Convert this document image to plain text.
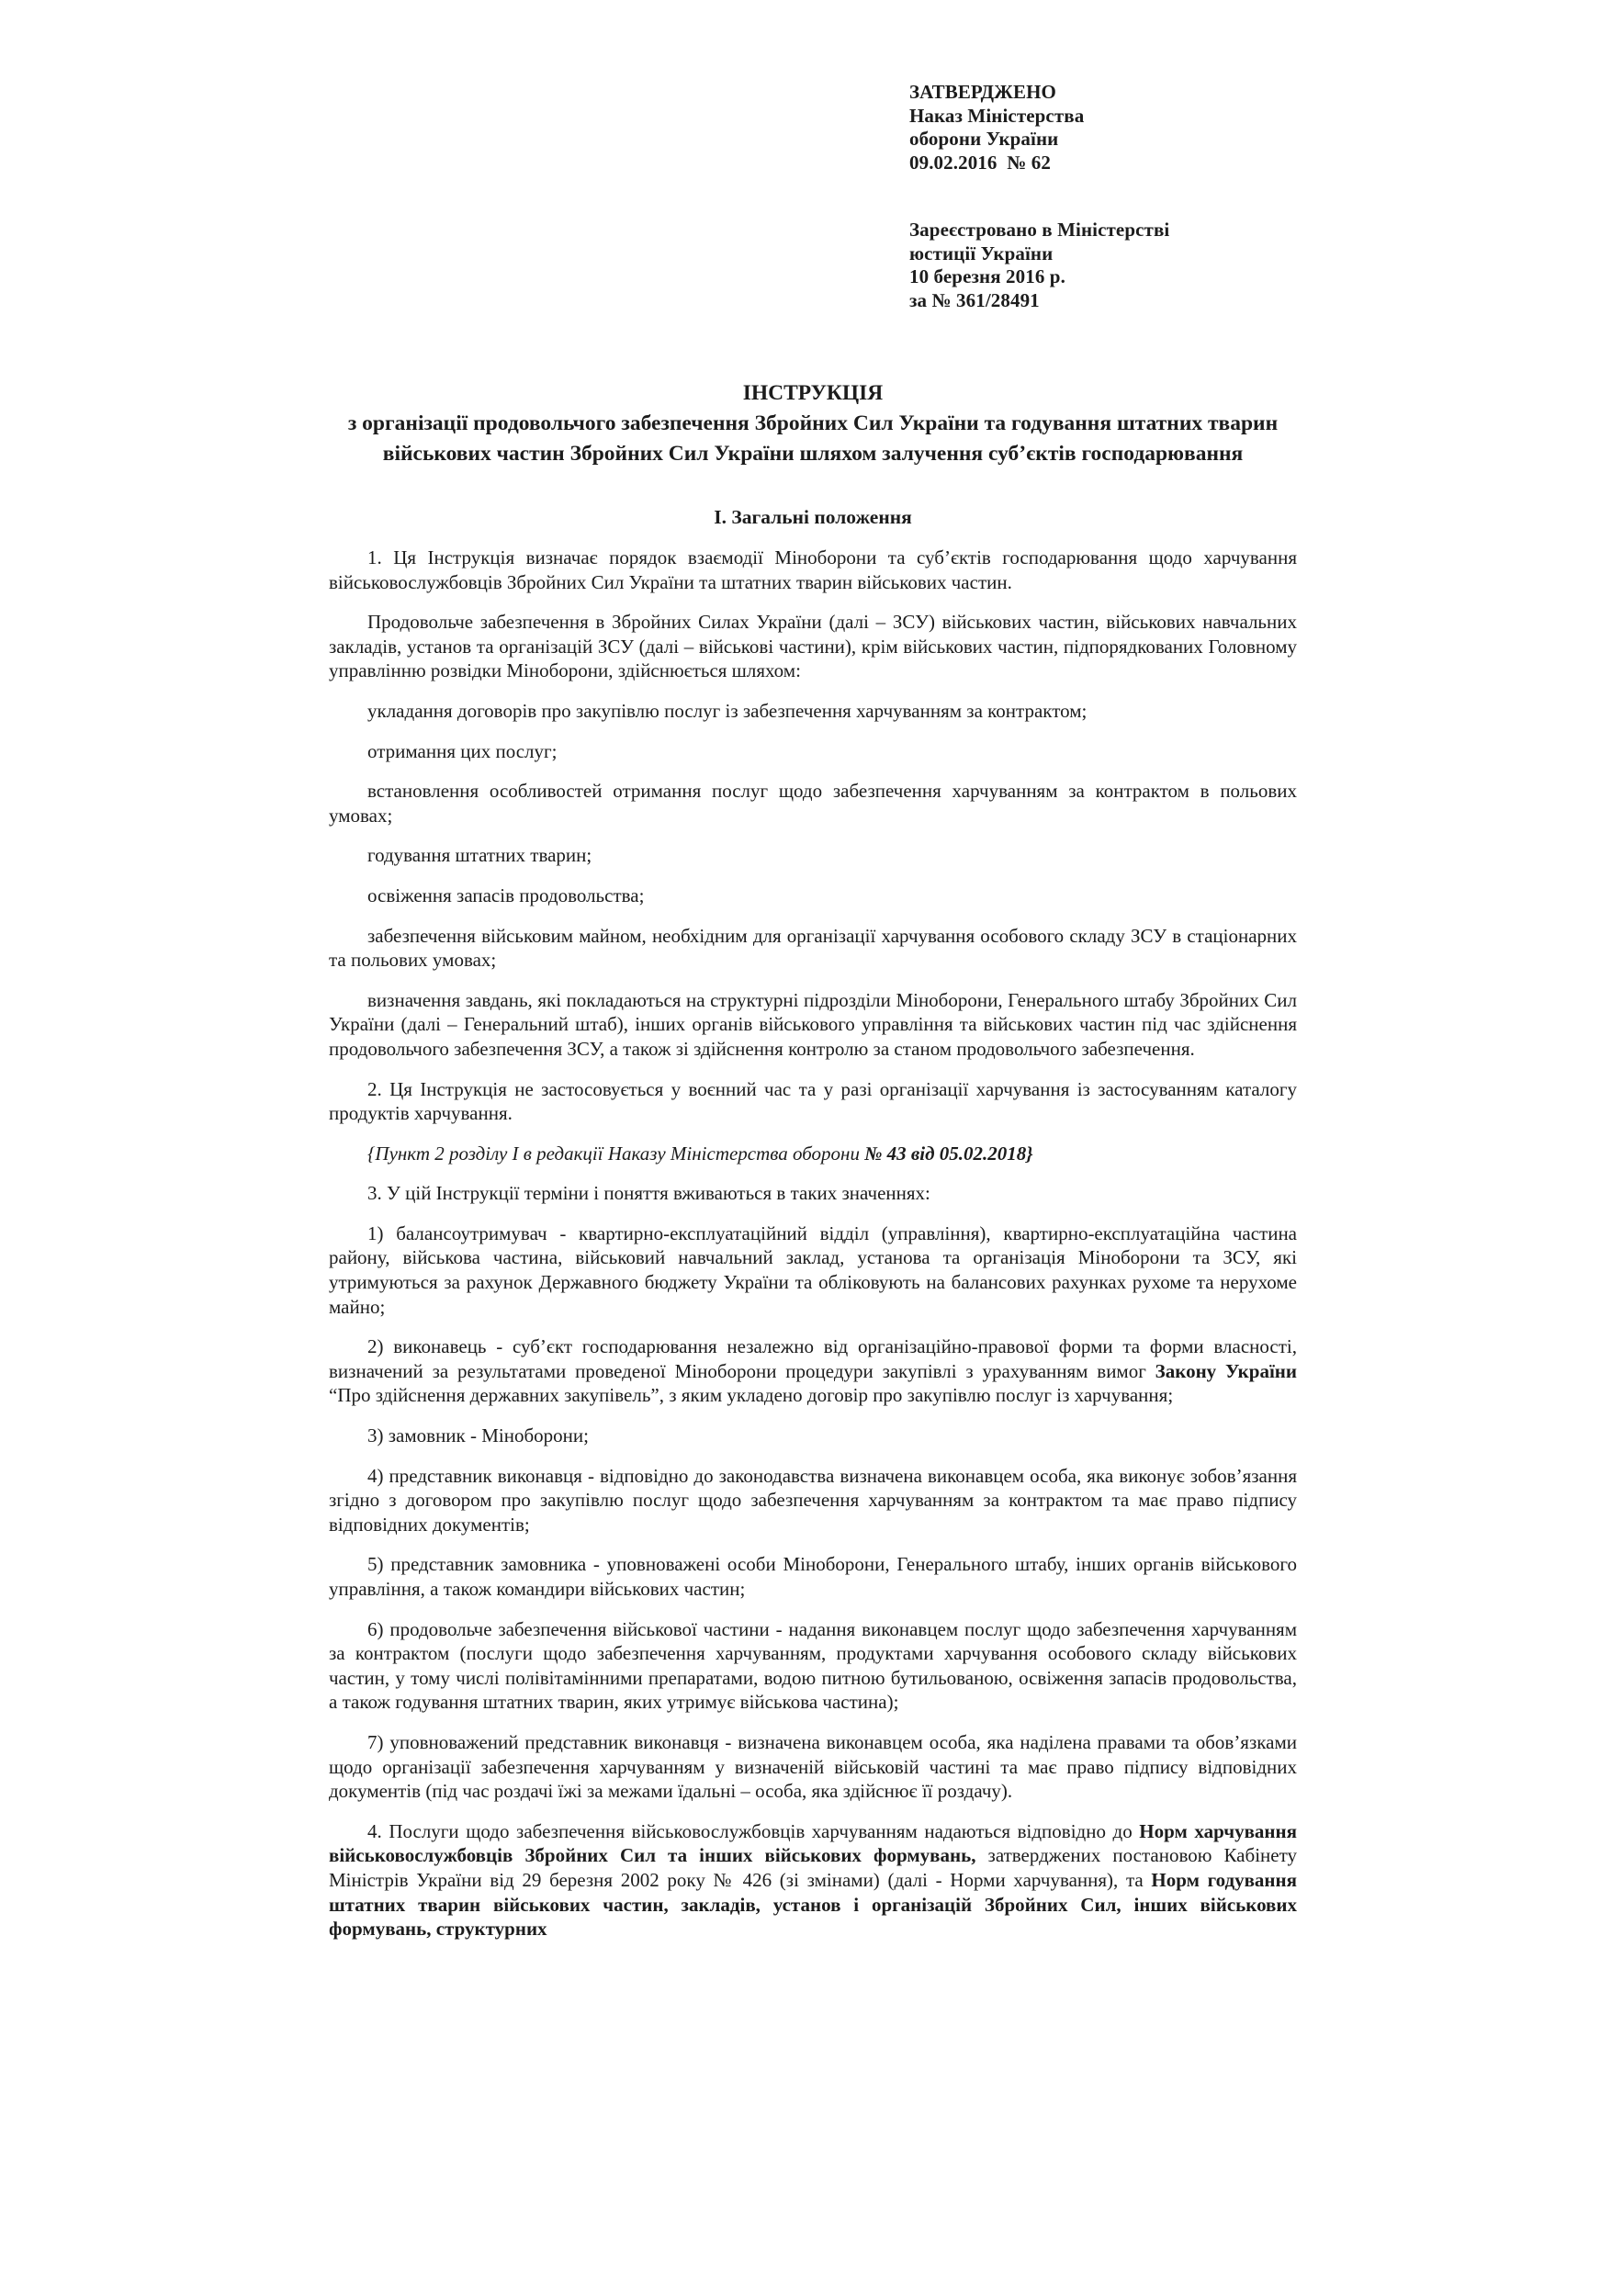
ЗАТВЕРДЖЕНО
Наказ Міністерства
оборони України
09.02.2016  № 62
Зареєстровано в Міністерстві
юстиції України
10 березня 2016 р.
за № 361/28491
ІНСТРУКЦІЯ
з організації продовольчого забезпечення Збройних Сил України та годування штатних тварин військових частин Збройних Сил України шляхом залучення суб’єктів господарювання
I. Загальні положення

1. Ця Інструкція визначає порядок взаємодії Міноборони та суб’єктів господарювання щодо харчування військовослужбовців Збройних Сил України та штатних тварин військових частин.

Продовольче забезпечення в Збройних Силах України (далі – ЗСУ) військових частин, військових навчальних закладів, установ та організацій ЗСУ (далі – військові частини), крім військових частин, підпорядкованих Головному управлінню розвідки Міноборони, здійснюється шляхом:

укладання договорів про закупівлю послуг із забезпечення харчуванням за контрактом;

отримання цих послуг;

встановлення особливостей отримання послуг щодо забезпечення харчуванням за контрактом в польових умовах;

годування штатних тварин;

освіження запасів продовольства;

забезпечення військовим майном, необхідним для організації харчування особового складу ЗСУ в стаціонарних та польових умовах;

визначення завдань, які покладаються на структурні підрозділи Міноборони, Генерального штабу Збройних Сил України (далі – Генеральний штаб), інших органів військового управління та військових частин під час здійснення продовольчого забезпечення ЗСУ, а також зі здійснення контролю за станом продовольчого забезпечення.

2. Ця Інструкція не застосовується у воєнний час та у разі організації харчування із застосуванням каталогу продуктів харчування.

{Пункт 2 розділу I в редакції Наказу Міністерства оборони № 43 від 05.02.2018}

3. У цій Інструкції терміни і поняття вживаються в таких значеннях:

1) балансоутримувач - квартирно-експлуатаційний відділ (управління), квартирно-експлуатаційна частина району, військова частина, військовий навчальний заклад, установа та організація Міноборони та ЗСУ, які утримуються за рахунок Державного бюджету України та обліковують на балансових рахунках рухоме та нерухоме майно;

2) виконавець - суб’єкт господарювання незалежно від організаційно-правової форми та форми власності, визначений за результатами проведеної Міноборони процедури закупівлі з урахуванням вимог Закону України “Про здійснення державних закупівель”, з яким укладено договір про закупівлю послуг із харчування;

3) замовник - Міноборони;

4) представник виконавця - відповідно до законодавства визначена виконавцем особа, яка виконує зобов’язання згідно з договором про закупівлю послуг щодо забезпечення харчуванням за контрактом та має право підпису відповідних документів;

5) представник замовника - уповноважені особи Міноборони, Генерального штабу, інших органів військового управління, а також командири військових частин;

6) продовольче забезпечення військової частини - надання виконавцем послуг щодо забезпечення харчуванням за контрактом (послуги щодо забезпечення харчуванням, продуктами харчування особового складу військових частин, у тому числі полівітамінними препаратами, водою питною бутильованою, освіження запасів продовольства, а також годування штатних тварин, яких утримує військова частина);

7) уповноважений представник виконавця - визначена виконавцем особа, яка наділена правами та обов’язками щодо організації забезпечення харчуванням у визначеній військовій частині та має право підпису відповідних документів (під час роздачі їжі за межами їдальні – особа, яка здійснює її роздачу).

4. Послуги щодо забезпечення військовослужбовців харчуванням надаються відповідно до Норм харчування військовослужбовців Збройних Сил та інших військових формувань, затверджених постановою Кабінету Міністрів України від 29 березня 2002 року № 426 (зі змінами) (далі - Норми харчування), та Норм годування штатних тварин військових частин, закладів, установ і організацій Збройних Сил, інших військових формувань, структурних
